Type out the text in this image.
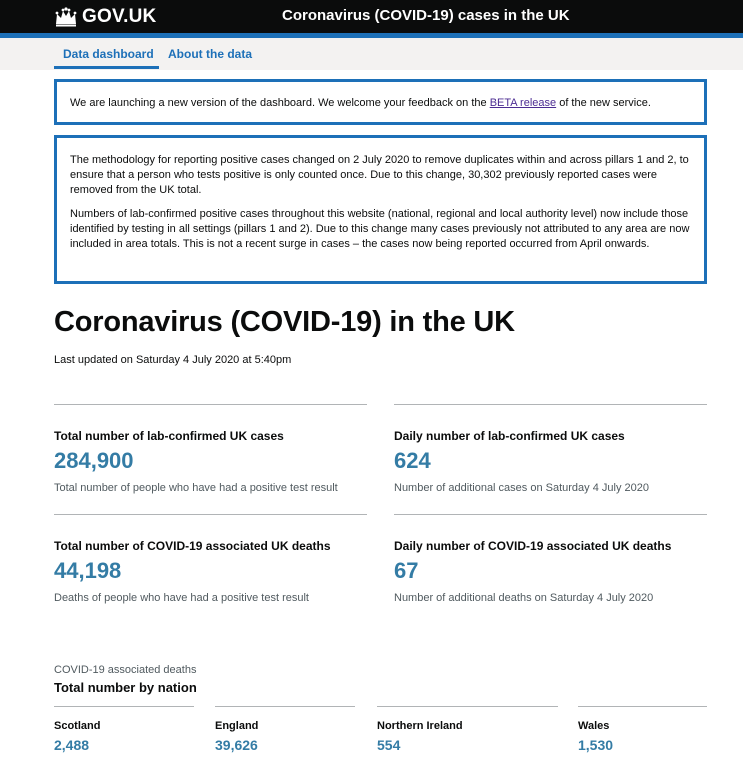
GOV.UK	Coronavirus (COVID-19) cases in the UK
Data dashboard About the data
We are launching a new version of the dashboard. We welcome your feedback on the BETA release of the new service.

The methodology for reporting positive cases changed on 2 July 2020 to remove duplicates within and across pillars 1 and 2, to ensure that a person who tests positive is only counted once. Due to this change, 30,302 previously reported cases were removed from the UK total.

Numbers of lab-confirmed positive cases throughout this website (national, regional and local authority level) now include those identified by testing in all settings (pillars 1 and 2). Due to this change many cases previously not attributed to any area are now included in area totals. This is not a recent surge in cases – the cases now being reported occurred from April onwards.

Coronavirus (COVID-19) in the UK
Last updated on Saturday 4 July 2020 at 5:40pm
Total number of lab-confirmed UK cases
284,900
Total number of people who have had a positive test result
Daily number of lab-confirmed UK cases
624
Number of additional cases on Saturday 4 July 2020
Total number of COVID-19 associated UK deaths
44,198
Deaths of people who have had a positive test result
Daily number of COVID-19 associated UK deaths
67
Number of additional deaths on Saturday 4 July 2020
COVID-19 associated deaths
Total number by nation
Scotland
2,488
England
39,626
Northern Ireland
554
Wales
1,530
